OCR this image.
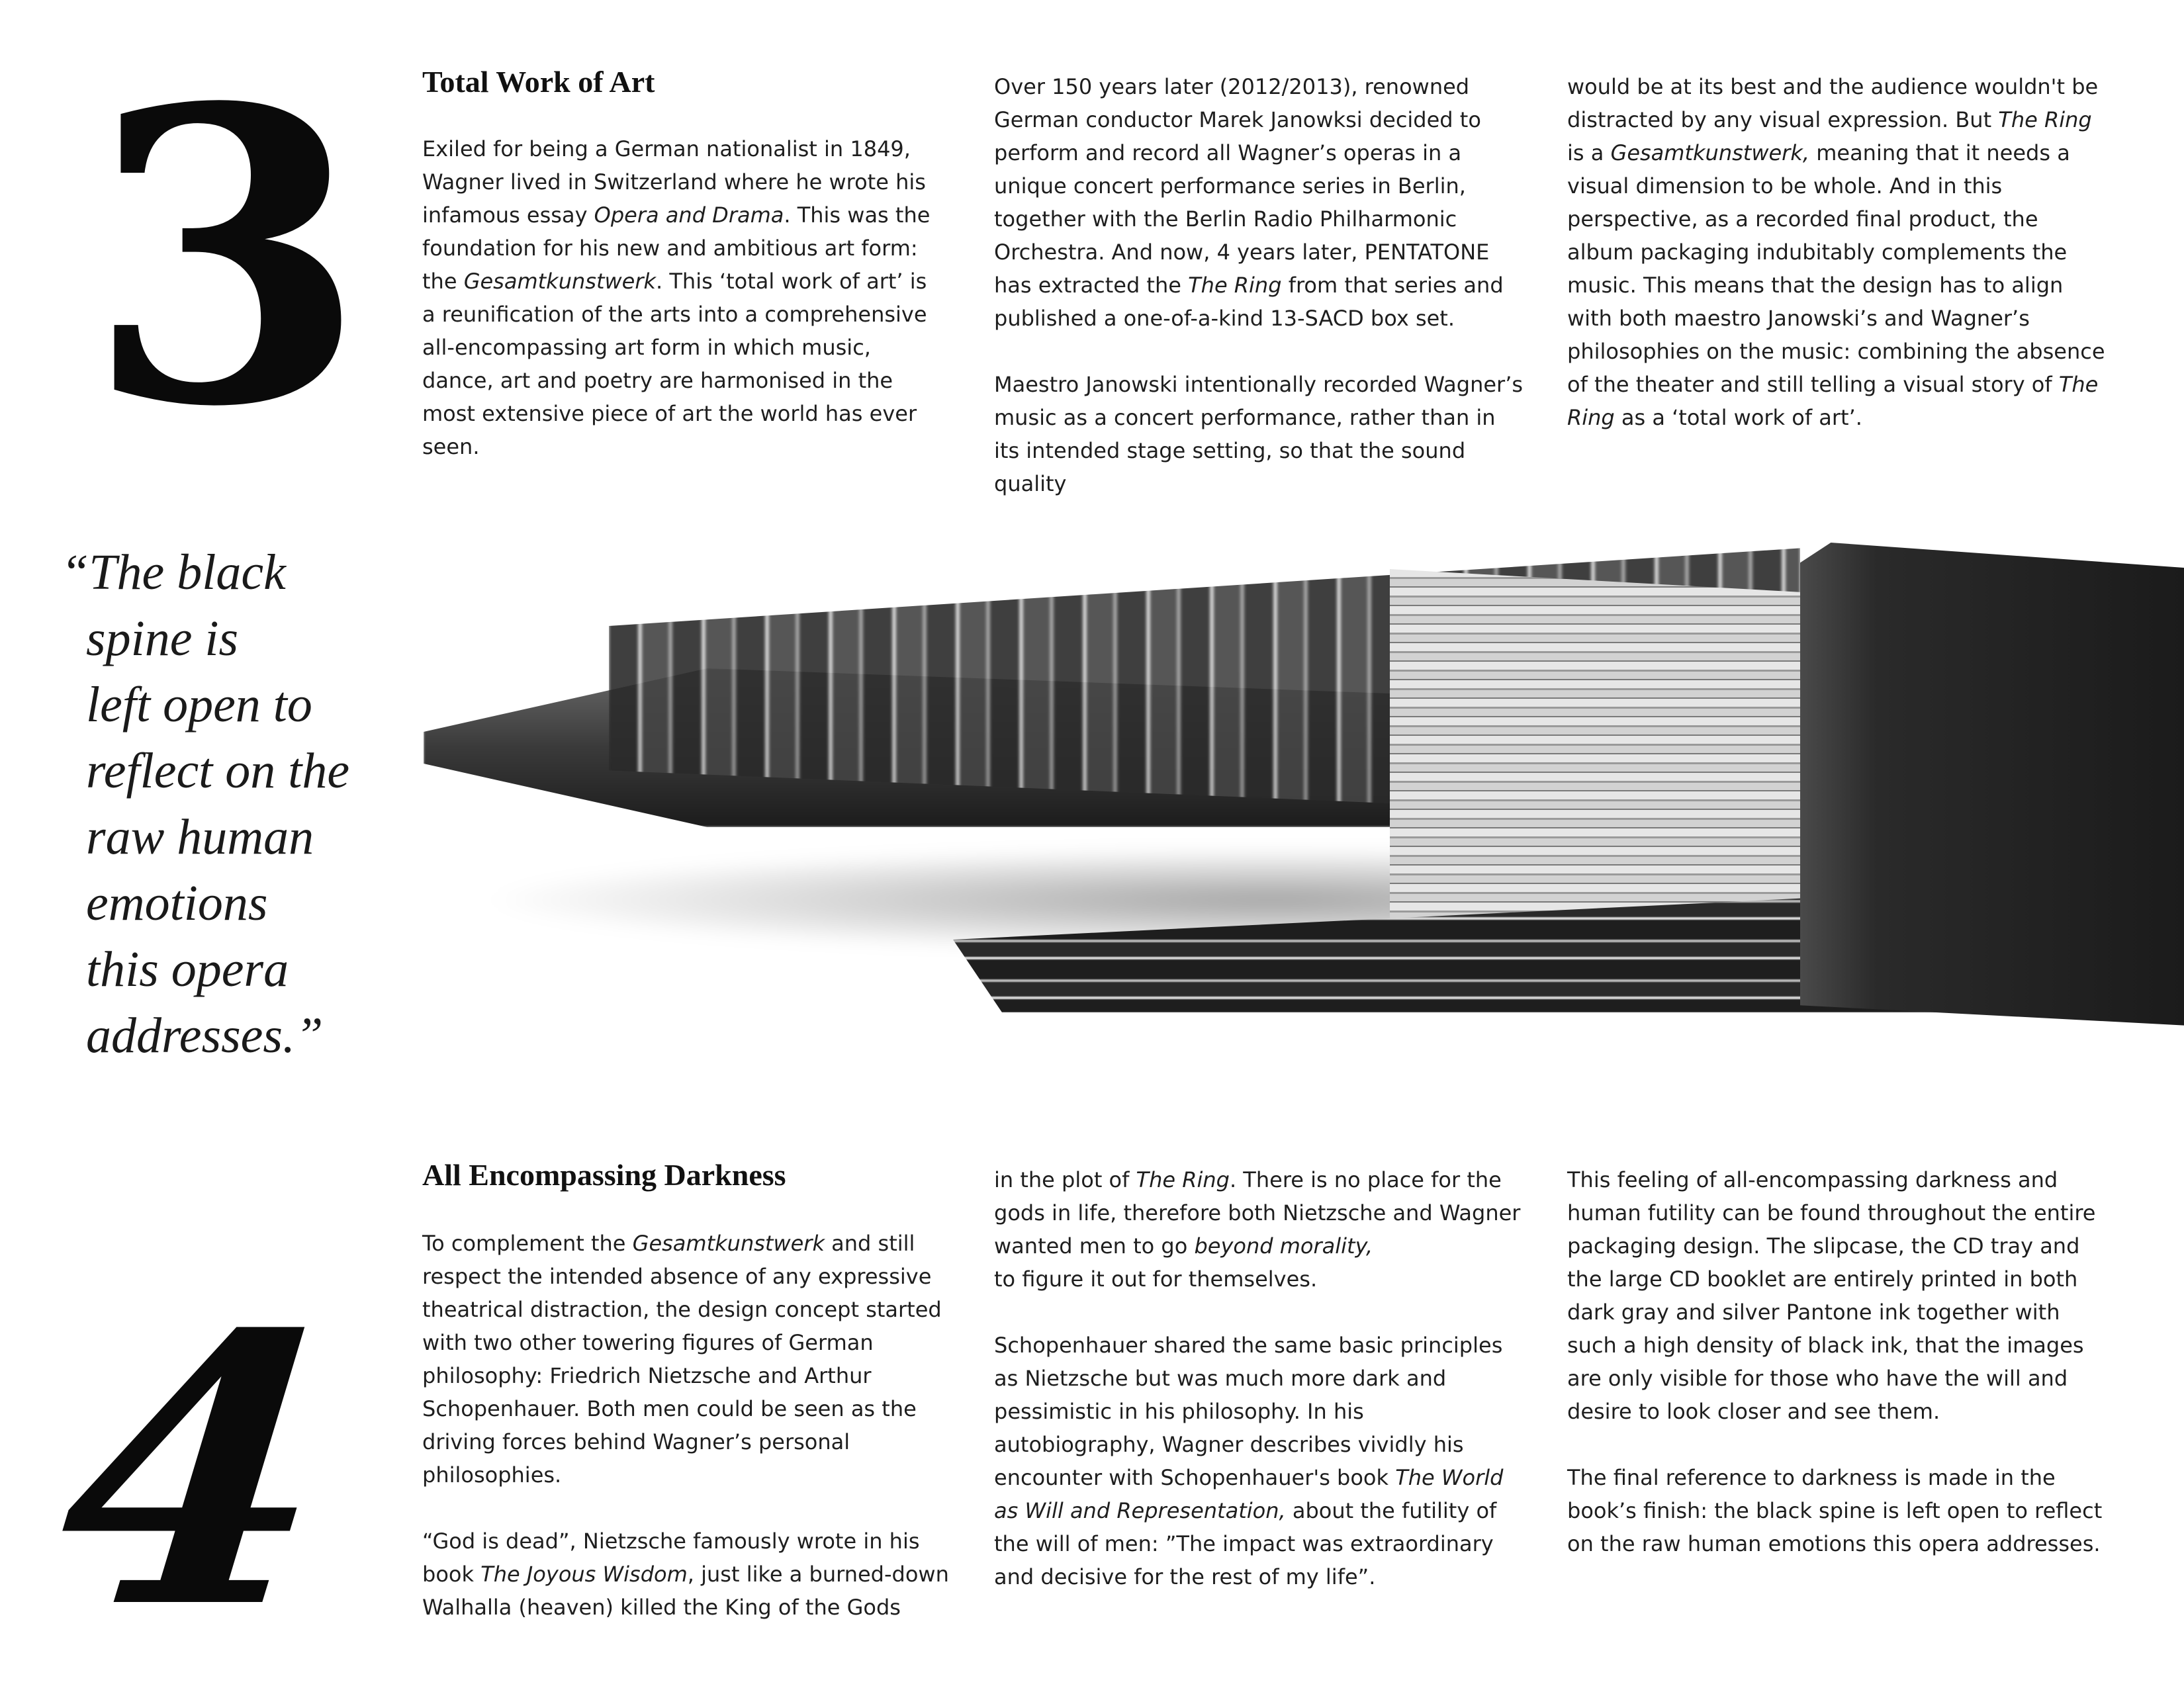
3 Total Work of Art

Exiled for being a German nationalist in 1849, Wagner lived in Switzerland where he wrote his infamous essay Opera and Drama. This was the foundation for his new and ambitious art form: the Gesamtkunstwerk. This ‘total work of art’ is a reunification of the arts into a comprehensive all-encompassing art form in which music, dance, art and poetry are harmonised in the most extensive piece of art the world has ever seen.

Over 150 years later (2012/2013), renowned German conductor Marek Janowksi decided to perform and record all Wagner’s operas in a unique concert performance series in Berlin, together with the Berlin Radio Philharmonic Orchestra. And now, 4 years later, PENTATONE has extracted the The Ring from that series and published a one-of-a-kind 13-SACD box set.

Maestro Janowski intentionally recorded Wagner’s music as a concert performance, rather than in its intended stage setting, so that the sound quality

would be at its best and the audience wouldn't be distracted by any visual expression. But The Ring is a Gesamtkunstwerk, meaning that it needs a visual dimension to be whole. And in this perspective, as a recorded final product, the album packaging indubitably complements the music. This means that the design has to align with both maestro Janowski’s and Wagner’s philosophies on the music: combining the absence of the theater and still telling a visual story of The Ring as a ‘total work of art’.

“The black
spine is
left open to
reflect on the
raw human
emotions
this opera
addresses.”
All Encompassing Darkness

To complement the Gesamtkunstwerk and still respect the intended absence of any expressive theatrical distraction, the design concept started with two other towering figures of German philosophy: Friedrich Nietzsche and Arthur Schopenhauer. Both men could be seen as the driving forces behind Wagner’s personal philosophies.

“God is dead”, Nietzsche famously wrote in his book The Joyous Wisdom, just like a burned-down Walhalla (heaven) killed the King of the Gods

in the plot of The Ring. There is no place for the gods in life, therefore both Nietzsche and Wagner wanted men to go beyond morality,
to figure it out for themselves.

Schopenhauer shared the same basic principles as Nietzsche but was much more dark and pessimistic in his philosophy. In his autobiography, Wagner describes vividly his encounter with Schopenhauer's book The World as Will and Representation, about the futility of the will of men: ”The impact was extraordinary and decisive for the rest of my life”.

This feeling of all-encompassing darkness and human futility can be found throughout the entire packaging design. The slipcase, the CD tray and the large CD booklet are entirely printed in both dark gray and silver Pantone ink together with such a high density of black ink, that the images are only visible for those who have the will and desire to look closer and see them.

The final reference to darkness is made in the book’s finish: the black spine is left open to reflect on the raw human emotions this opera addresses.

4
